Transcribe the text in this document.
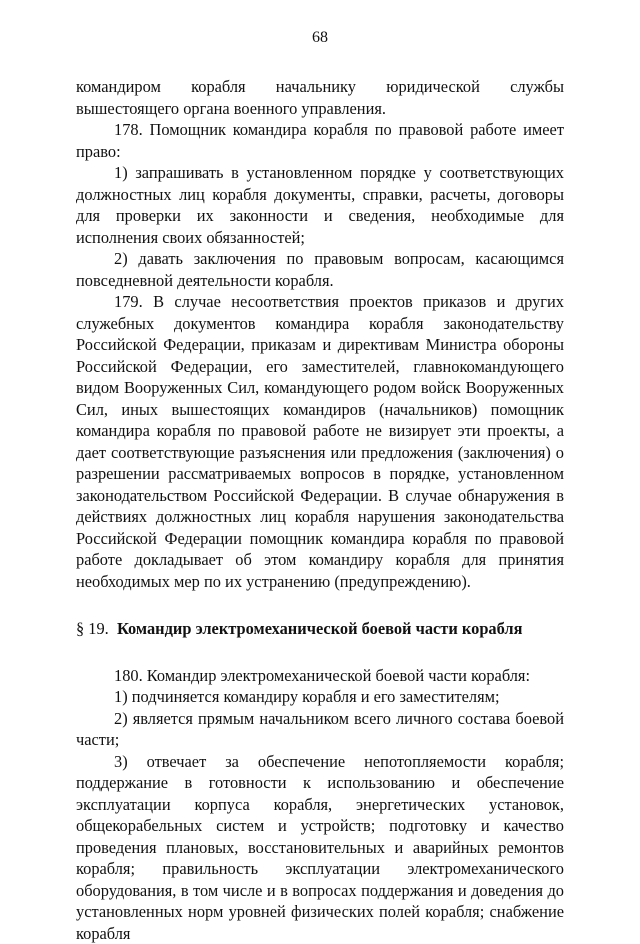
68

командиром корабля начальнику юридической службы вышестоящего органа военного управления.

178. Помощник командира корабля по правовой работе имеет право:

1) запрашивать в установленном порядке у соответствующих должностных лиц корабля документы, справки, расчеты, договоры для проверки их законности и сведения, необходимые для исполнения своих обязанностей;

2) давать заключения по правовым вопросам, касающимся повседневной деятельности корабля.

179. В случае несоответствия проектов приказов и других служебных документов командира корабля законодательству Российской Федерации, приказам и директивам Министра обороны Российской Федерации, его заместителей, главнокомандующего видом Вооруженных Сил, командующего родом войск Вооруженных Сил, иных вышестоящих командиров (начальников) помощник командира корабля по правовой работе не визирует эти проекты, а дает соответствующие разъяснения или предложения (заключения) о разрешении рассматриваемых вопросов в порядке, установленном законодательством Российской Федерации. В случае обнаружения в действиях должностных лиц корабля нарушения законодательства Российской Федерации помощник командира корабля по правовой работе докладывает об этом командиру корабля для принятия необходимых мер по их устранению (предупреждению).

§ 19. Командир электромеханической боевой части корабля

180. Командир электромеханической боевой части корабля:

1) подчиняется командиру корабля и его заместителям;

2) является прямым начальником всего личного состава боевой части;

3) отвечает за обеспечение непотопляемости корабля; поддержание в готовности к использованию и обеспечение эксплуатации корпуса корабля, энергетических установок, общекорабельных систем и устройств; подготовку и качество проведения плановых, восстановительных и аварийных ремонтов корабля; правильность эксплуатации электромеханического оборудования, в том числе и в вопросах поддержания и доведения до установленных норм уровней физических полей корабля; снабжение корабля
